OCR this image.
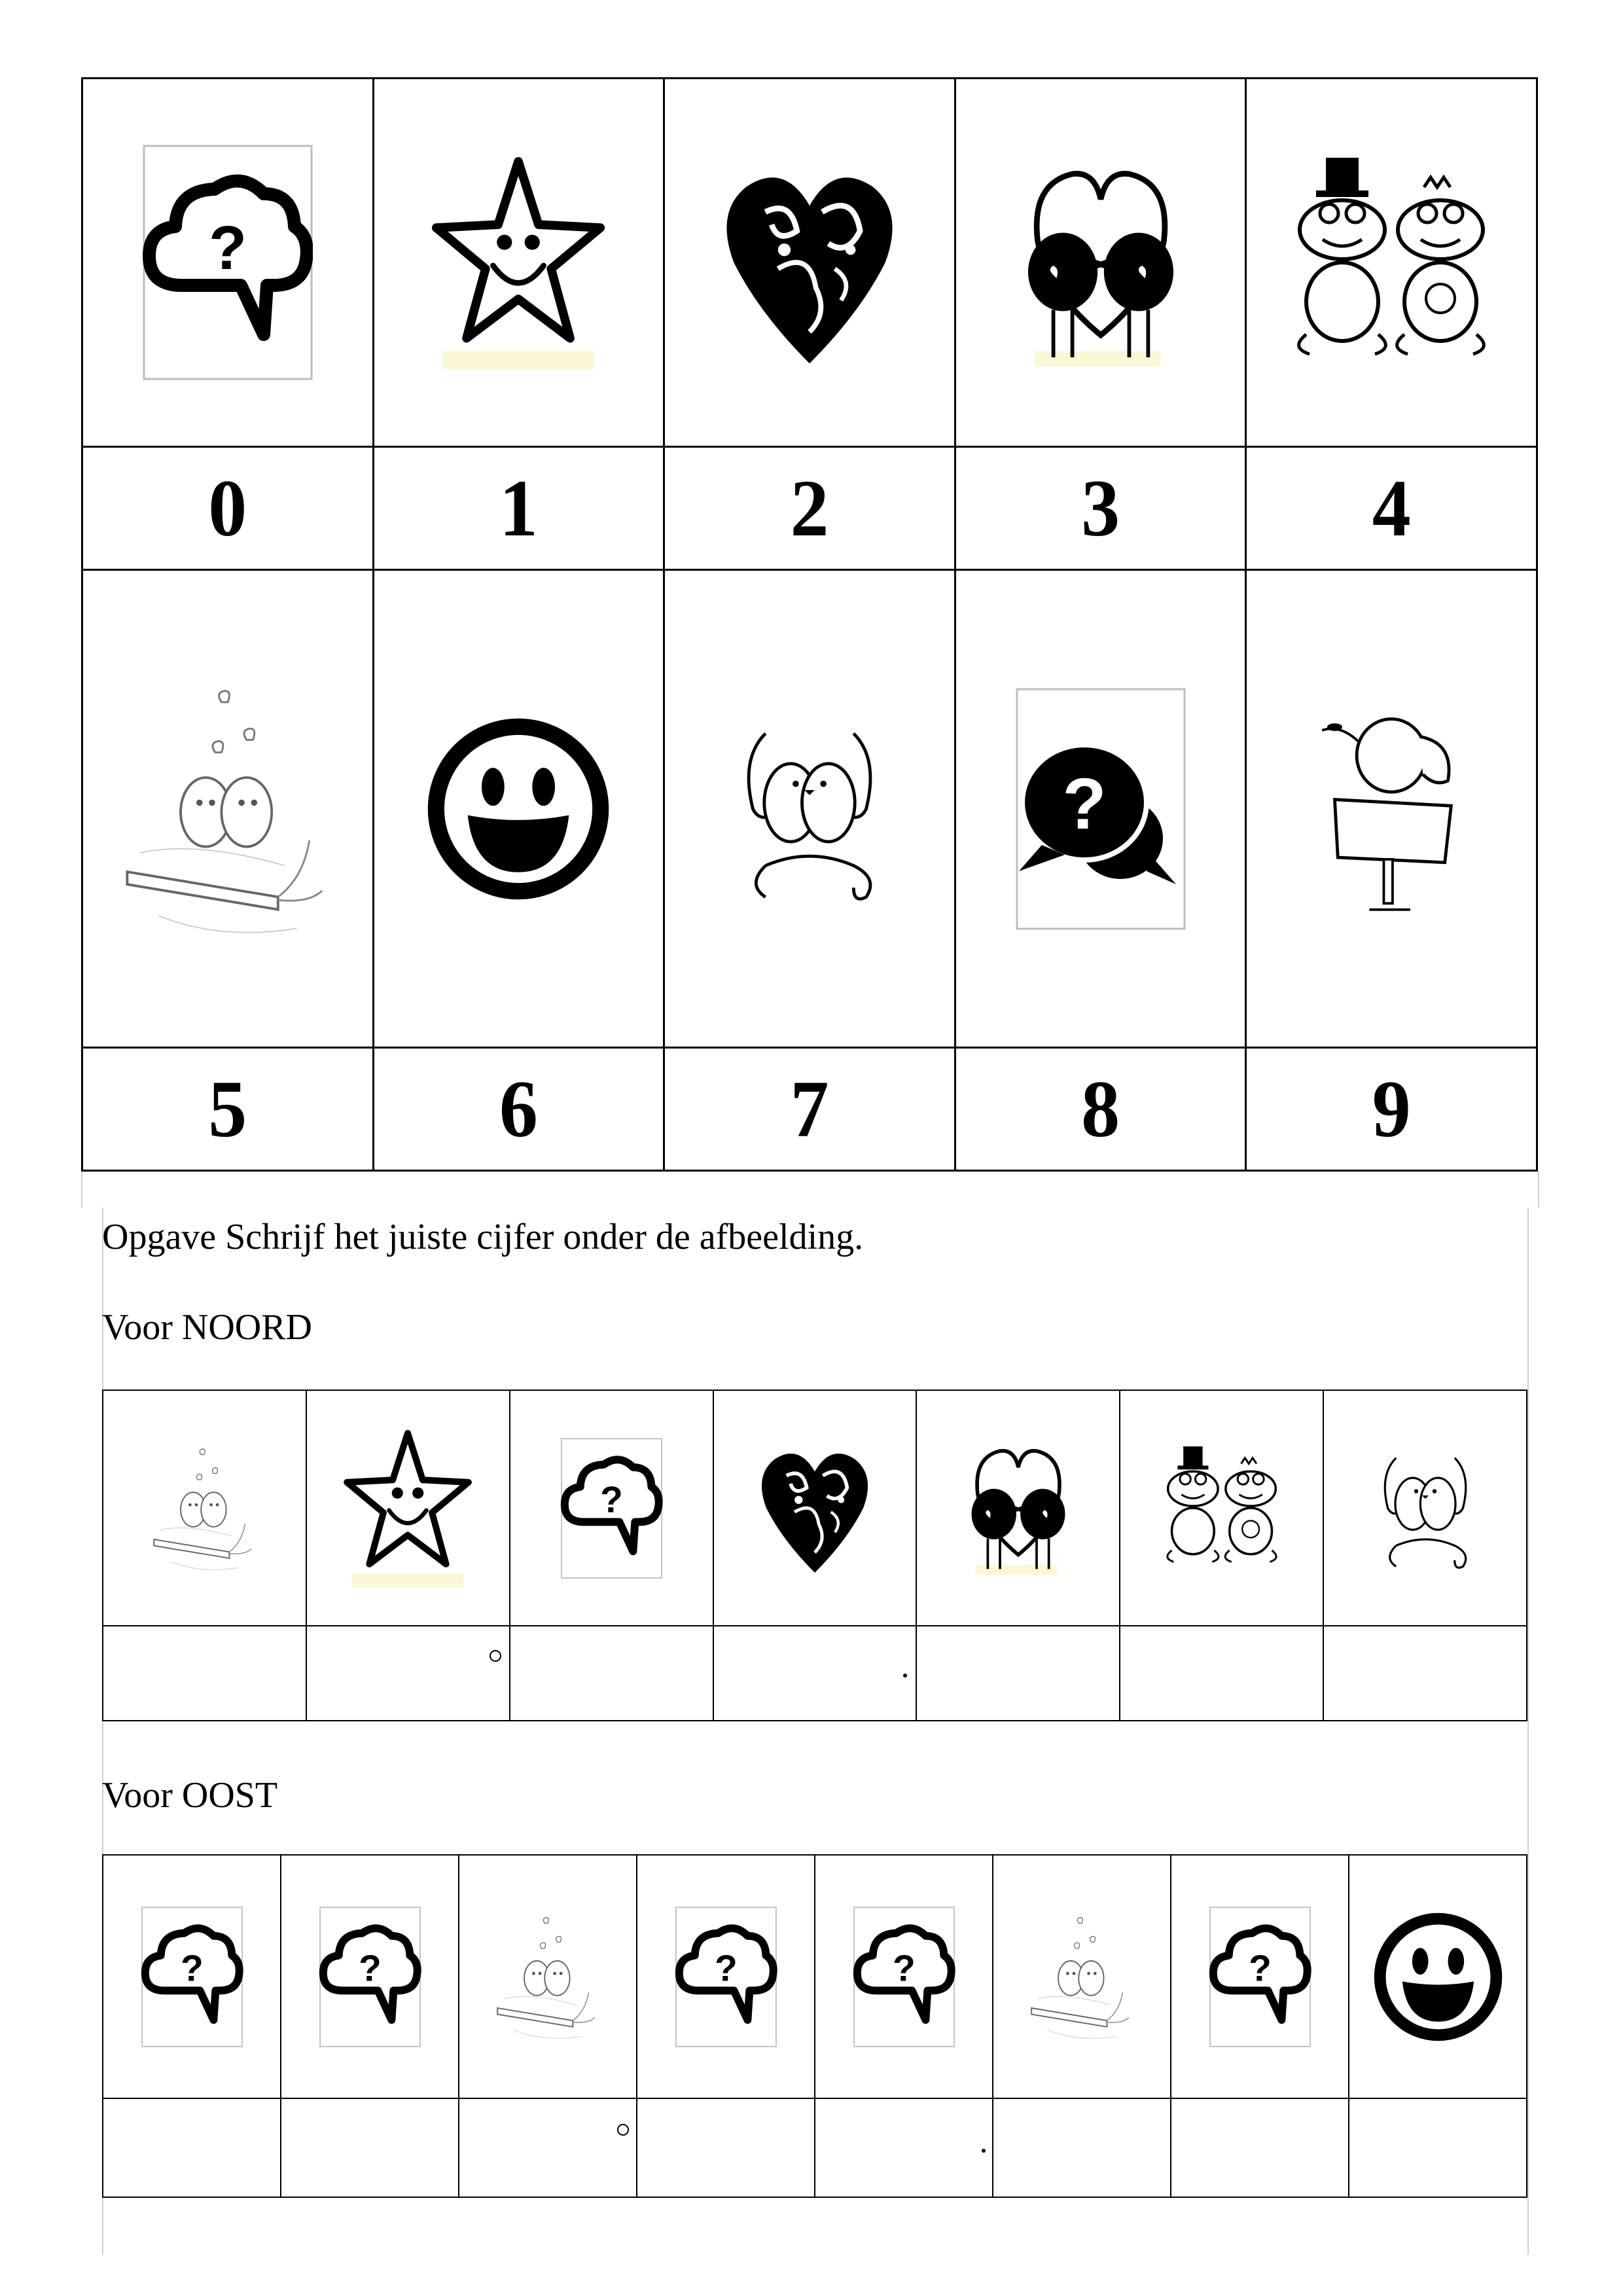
0	1	2	3	4

5	6	7	8	9
Opgave Schrijf het juiste cijfer onder de afbeelding.
Voor NOORD

Voor OOST
